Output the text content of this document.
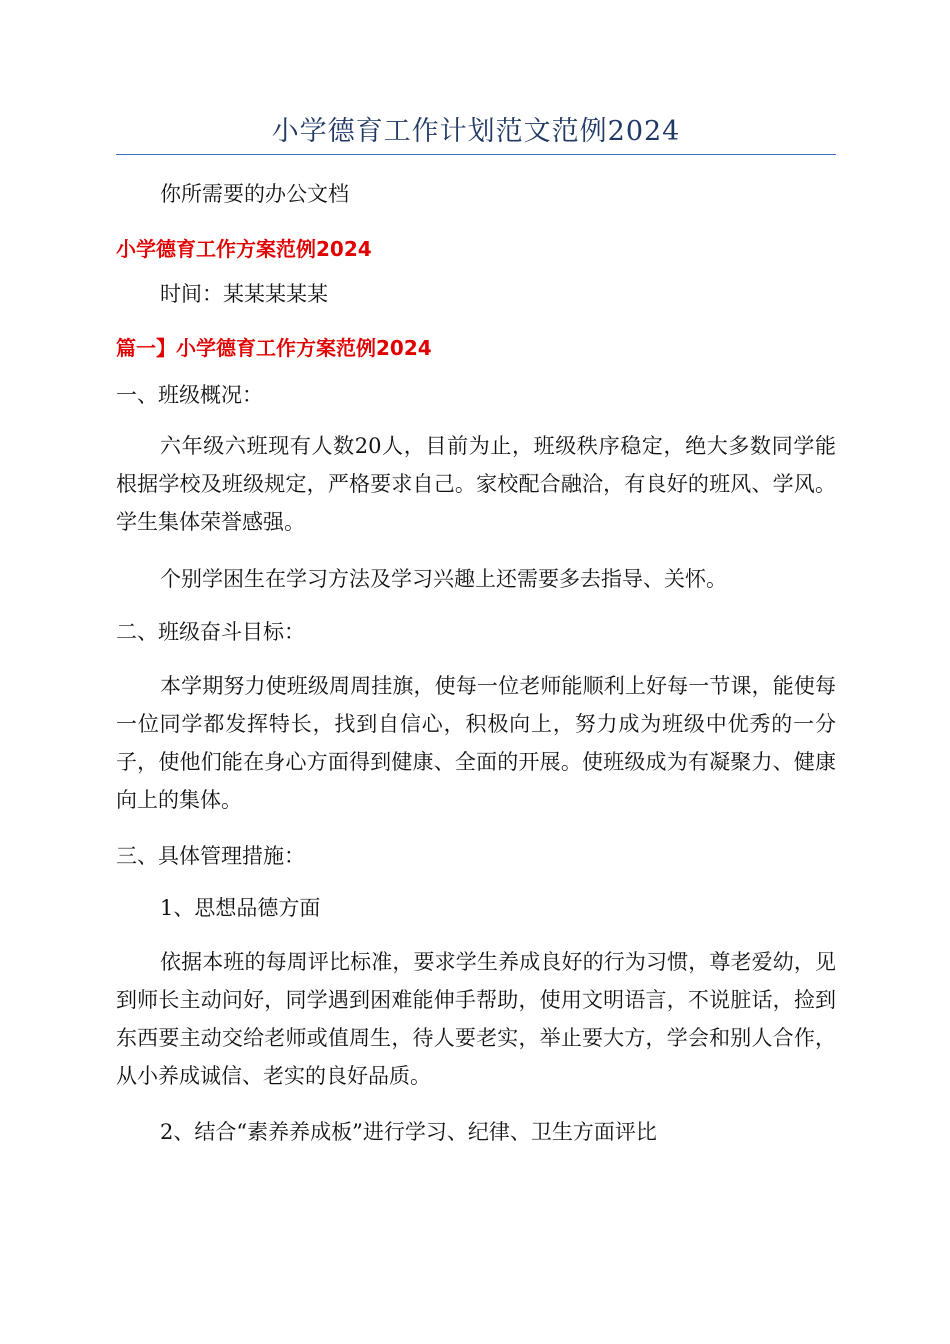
小学德育工作计划范文范例2024
你所需要的办公文档
小学德育工作方案范例2024
时间：某某某某某
篇一】小学德育工作方案范例2024
一、班级概况：
六年级六班现有人数20人，目前为止，班级秩序稳定，绝大多数同学能根据学校及班级规定，严格要求自己。家校配合融洽，有良好的班风、学风。学生集体荣誉感强。
个别学困生在学习方法及学习兴趣上还需要多去指导、关怀。
二、班级奋斗目标：
本学期努力使班级周周挂旗，使每一位老师能顺利上好每一节课，能使每一位同学都发挥特长，找到自信心，积极向上，努力成为班级中优秀的一分子，使他们能在身心方面得到健康、全面的开展。使班级成为有凝聚力、健康向上的集体。
三、具体管理措施：
1、思想品德方面
依据本班的每周评比标准，要求学生养成良好的行为习惯，尊老爱幼，见到师长主动问好，同学遇到困难能伸手帮助，使用文明语言，不说脏话，捡到东西要主动交给老师或值周生，待人要老实，举止要大方，学会和别人合作，从小养成诚信、老实的良好品质。
2、结合“素养养成板”进行学习、纪律、卫生方面评比
